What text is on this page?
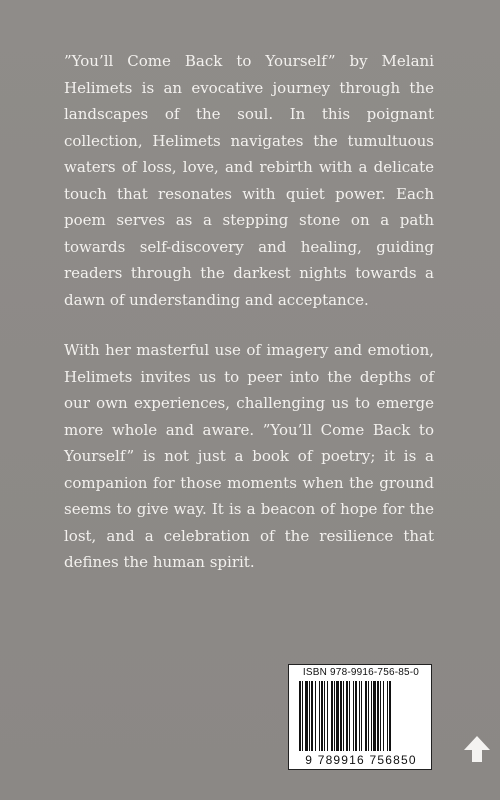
”You’ll Come Back to Yourself” by Melani Helimets is an evocative journey through the landscapes of the soul. In this poignant collection, Helimets navigates the tumultuous waters of loss, love, and rebirth with a delicate touch that resonates with quiet power. Each poem serves as a stepping stone on a path towards self-discovery and healing, guiding readers through the darkest nights towards a dawn of understanding and acceptance.

With her masterful use of imagery and emotion, Helimets invites us to peer into the depths of our own experiences, challenging us to emerge more whole and aware. ”You’ll Come Back to Yourself” is not just a book of poetry; it is a companion for those moments when the ground seems to give way. It is a beacon of hope for the lost, and a celebration of the resilience that defines the human spirit.

ISBN 978-9916-756-85-0
9 789916 756850
